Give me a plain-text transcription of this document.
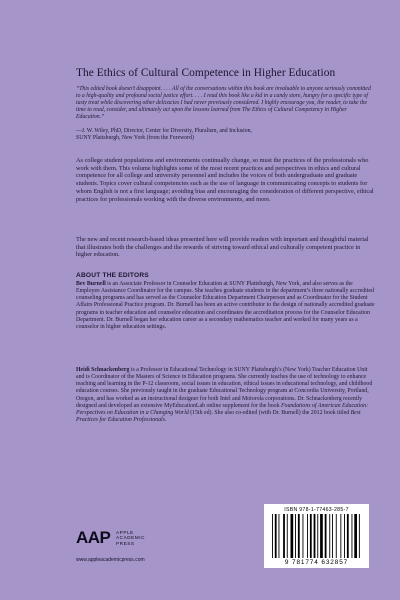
The Ethics of Cultural Competence in Higher Education
“This edited book doesn’t disappoint. . . . All of the conversations within this book are invaluable to anyone seriously committed to a high-quality and profound social justice effort. . . . I read this book like a kid in a candy store, hungry for a specific type of tasty treat while discovering other delicacies I had never previously considered. I highly encourage you, the reader, to take the time to read, consider, and ultimately act upon the lessons learned from The Ethics of Cultural Competency in Higher Education.”
—J. W. Wiley, PhD, Director, Center for Diversity, Pluralism, and Inclusion,
SUNY Plattsburgh, New York (from the Foreword)
As college student populations and environments continually change, so must the practices of the professionals who work with them. This volume highlights some of the most recent practices and perspectives in ethics and cultural competence for all college and university personnel and includes the voices of both undergraduate and graduate students. Topics cover cultural competencies such as the use of language in communicating concepts to students for whom English is not a first language; avoiding bias and encouraging the consideration of different perspective, ethical practices for professionals working with the diverse environments, and more.
The new and recent research-based ideas presented here will provide readers with important and thoughtful material that illustrates both the challenges and the rewards of striving toward ethical and culturally competent practice in higher education.
ABOUT THE EDITORS
Bev Burnell is an Associate Professor in Counselor Education at SUNY Plattsburgh, New York, and also serves as the Employee Assistance Coordinator for the campus. She teaches graduate students in the department’s three nationally accredited counseling programs and has served as the Counselor Education Department Chairperson and as Coordinator for the Student Affairs Professional Practice program. Dr. Burnell has been an active contributor to the design of nationally accredited graduate programs in teacher education and counselor education and coordinates the accreditation process for the Counselor Education Department. Dr. Burnell began her education career as a secondary mathematics teacher and worked for many years as a counselor in higher education settings.
Heidi Schnackenberg is a Professor in Educational Technology in SUNY Plattsburgh’s (New York) Teacher Education Unit and is Coordinator of the Masters of Science in Education programs. She currently teaches the use of technology to enhance teaching and learning in the P-12 classroom, social issues in education, ethical issues in educational technology, and childhood education courses. She previously taught in the graduate Educational Technology program at Concordia University, Portland, Oregon, and has worked as an instructional designer for both Intel and Motorola corporations. Dr. Schnackenberg recently designed and developed an extensive MyEducationLab online supplement for the book Foundations of American Education: Perspectives on Education in a Changing World (15th ed). She also co-edited (with Dr. Burnell) the 2012 book titled Best Practices for Education Professionals.
AAP APPLE
ACADEMIC
PRESS
www.appleacademicpress.com
ISBN 978-1-77463-285-7
9 781774 632857
